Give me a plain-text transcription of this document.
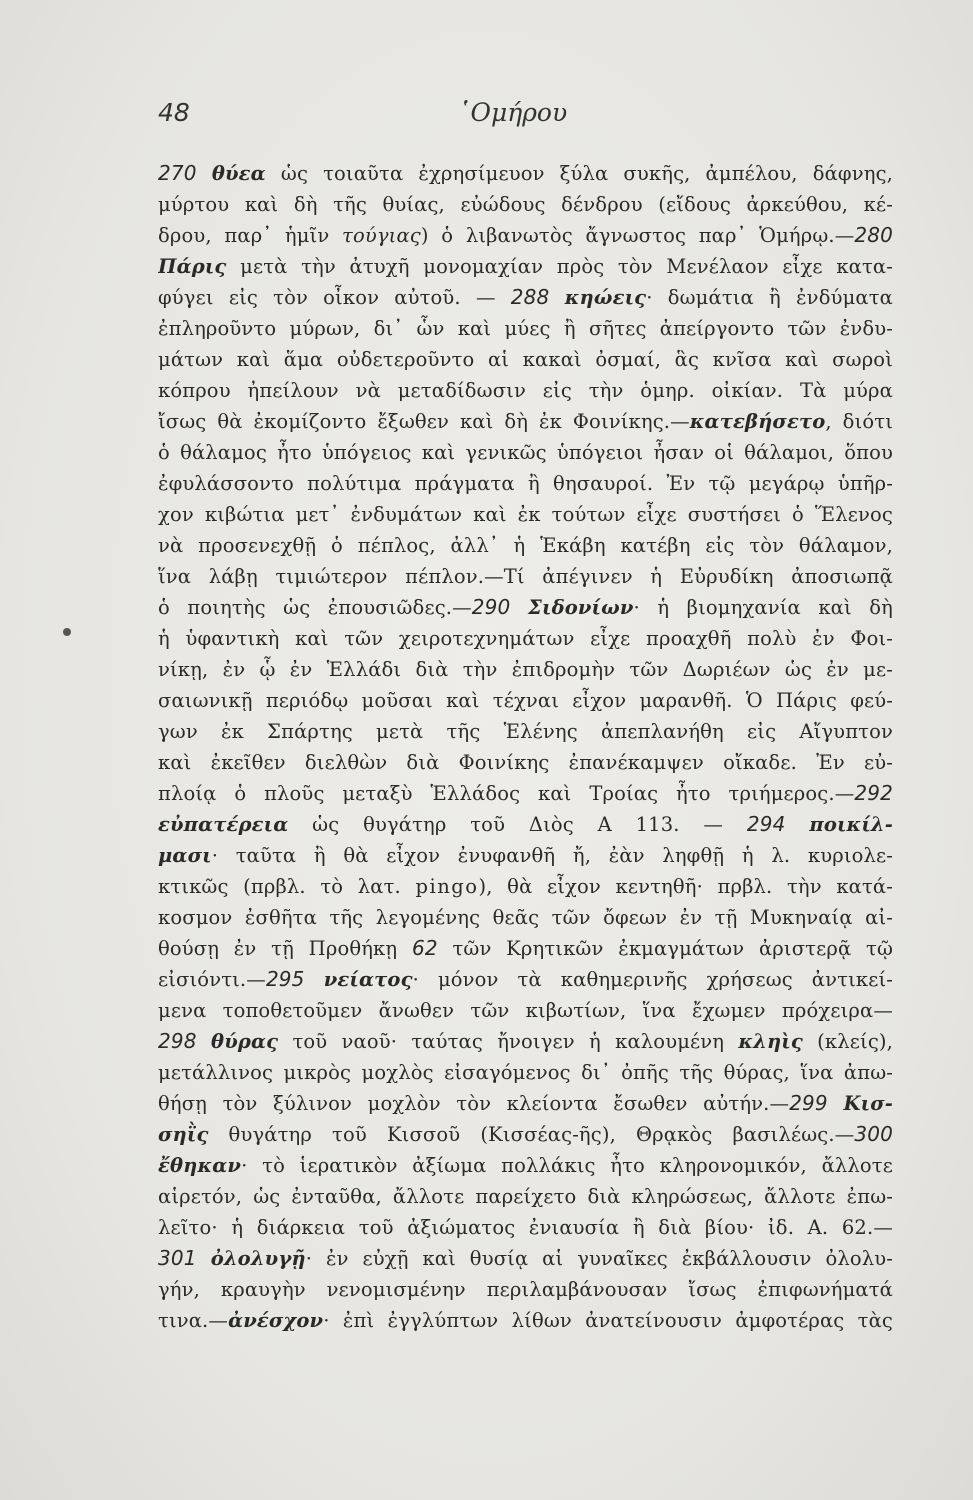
48	῾Ομήρου
270 θύεα ὡς τοιαῦτα ἐχρησίμευον ξύλα συκῆς, ἀμπέλου, δάφνης,
μύρτου καὶ δὴ τῆς θυίας, εὐώδους δένδρου (εἴδους ἀρκεύθου, κέ-
δρου, παρ᾽ ἡμῖν τούγιας) ὁ λιβανωτὸς ἄγνωστος παρ᾽ Ὁμήρῳ.—280
Πάρις μετὰ τὴν ἀτυχῆ μονομαχίαν πρὸς τὸν Μενέλαον εἶχε κατα-
φύγει εἰς τὸν οἶκον αὐτοῦ. — 288 κηώεις· δωμάτια ἢ ἐνδύματα
ἐπληροῦντο μύρων, δι᾽ ὧν καὶ μύες ἢ σῆτες ἀπείργοντο τῶν ἐνδυ-
μάτων καὶ ἅμα οὐδετεροῦντο αἱ κακαὶ ὀσμαί, ἃς κνῖσα καὶ σωροὶ
κόπρου ἠπείλουν νὰ μεταδίδωσιν εἰς τὴν ὁμηρ. οἰκίαν. Τὰ μύρα
ἴσως θὰ ἐκομίζοντο ἔξωθεν καὶ δὴ ἐκ Φοινίκης.—κατεβήσετο, διότι
ὁ θάλαμος ἦτο ὑπόγειος καὶ γενικῶς ὑπόγειοι ἦσαν οἱ θάλαμοι, ὅπου
ἐφυλάσσοντο πολύτιμα πράγματα ἢ θησαυροί. Ἐν τῷ μεγάρῳ ὑπῆρ-
χον κιβώτια μετ᾽ ἐνδυμάτων καὶ ἐκ τούτων εἶχε συστήσει ὁ Ἕλενος
νὰ προσενεχθῇ ὁ πέπλος, ἀλλ᾽ ἡ Ἑκάβη κατέβη εἰς τὸν θάλαμον,
ἵνα λάβῃ τιμιώτερον πέπλον.—Τί ἀπέγινεν ἡ Εὐρυδίκη ἀποσιωπᾷ
ὁ ποιητὴς ὡς ἐπουσιῶδες.—290 Σιδονίων· ἡ βιομηχανία καὶ δὴ
ἡ ὑφαντικὴ καὶ τῶν χειροτεχνημάτων εἶχε προαχθῆ πολὺ ἐν Φοι-
νίκῃ, ἐν ᾧ ἐν Ἑλλάδι διὰ τὴν ἐπιδρομὴν τῶν Δωριέων ὡς ἐν με-
σαιωνικῇ περιόδῳ μοῦσαι καὶ τέχναι εἶχον μαρανθῆ. Ὁ Πάρις φεύ-
γων ἐκ Σπάρτης μετὰ τῆς Ἑλένης ἀπεπλανήθη εἰς Αἴγυπτον
καὶ ἐκεῖθεν διελθὼν διὰ Φοινίκης ἐπανέκαμψεν οἴκαδε. Ἐν εὐ-
πλοίᾳ ὁ πλοῦς μεταξὺ Ἑλλάδος καὶ Τροίας ἦτο τριήμερος.—292
εὐπατέρεια ὡς θυγάτηρ τοῦ Διὸς Α 113. — 294 ποικίλ-
μασι· ταῦτα ἢ θὰ εἶχον ἐνυφανθῆ ἤ, ἐὰν ληφθῇ ἡ λ. κυριολε-
κτικῶς (πρβλ. τὸ λατ. pingo), θὰ εἶχον κεντηθῆ· πρβλ. τὴν κατά-
κοσμον ἐσθῆτα τῆς λεγομένης θεᾶς τῶν ὄφεων ἐν τῇ Μυκηναίᾳ αἰ-
θούσῃ ἐν τῇ Προθήκῃ 62 τῶν Κρητικῶν ἐκμαγμάτων ἀριστερᾷ τῷ
εἰσιόντι.—295 νείατος· μόνον τὰ καθημερινῆς χρήσεως ἀντικεί-
μενα τοποθετοῦμεν ἄνωθεν τῶν κιβωτίων, ἵνα ἔχωμεν πρόχειρα—
298 θύρας τοῦ ναοῦ· ταύτας ἤνοιγεν ἡ καλουμένη κληὶς (κλείς),
μετάλλινος μικρὸς μοχλὸς εἰσαγόμενος δι᾽ ὀπῆς τῆς θύρας, ἵνα ἀπω-
θήσῃ τὸν ξύλινον μοχλὸν τὸν κλείοντα ἔσωθεν αὐτήν.—299 Κισ-
σηῒς θυγάτηρ τοῦ Κισσοῦ (Κισσέας-ῆς), Θρᾳκὸς βασιλέως.—300
ἔθηκαν· τὸ ἱερατικὸν ἀξίωμα πολλάκις ἦτο κληρονομικόν, ἄλλοτε
αἱρετόν, ὡς ἐνταῦθα, ἄλλοτε παρείχετο διὰ κληρώσεως, ἄλλοτε ἐπω-
λεῖτο· ἡ διάρκεια τοῦ ἀξιώματος ἐνιαυσία ἢ διὰ βίου· ἰδ. Α. 62.—
301 ὀλολυγῇ· ἐν εὐχῇ καὶ θυσίᾳ αἱ γυναῖκες ἐκβάλλουσιν ὀλολυ-
γήν, κραυγὴν νενομισμένην περιλαμβάνουσαν ἴσως ἐπιφωνήματά
τινα.—ἀνέσχον· ἐπὶ ἐγγλύπτων λίθων ἀνατείνουσιν ἀμφοτέρας τὰς
